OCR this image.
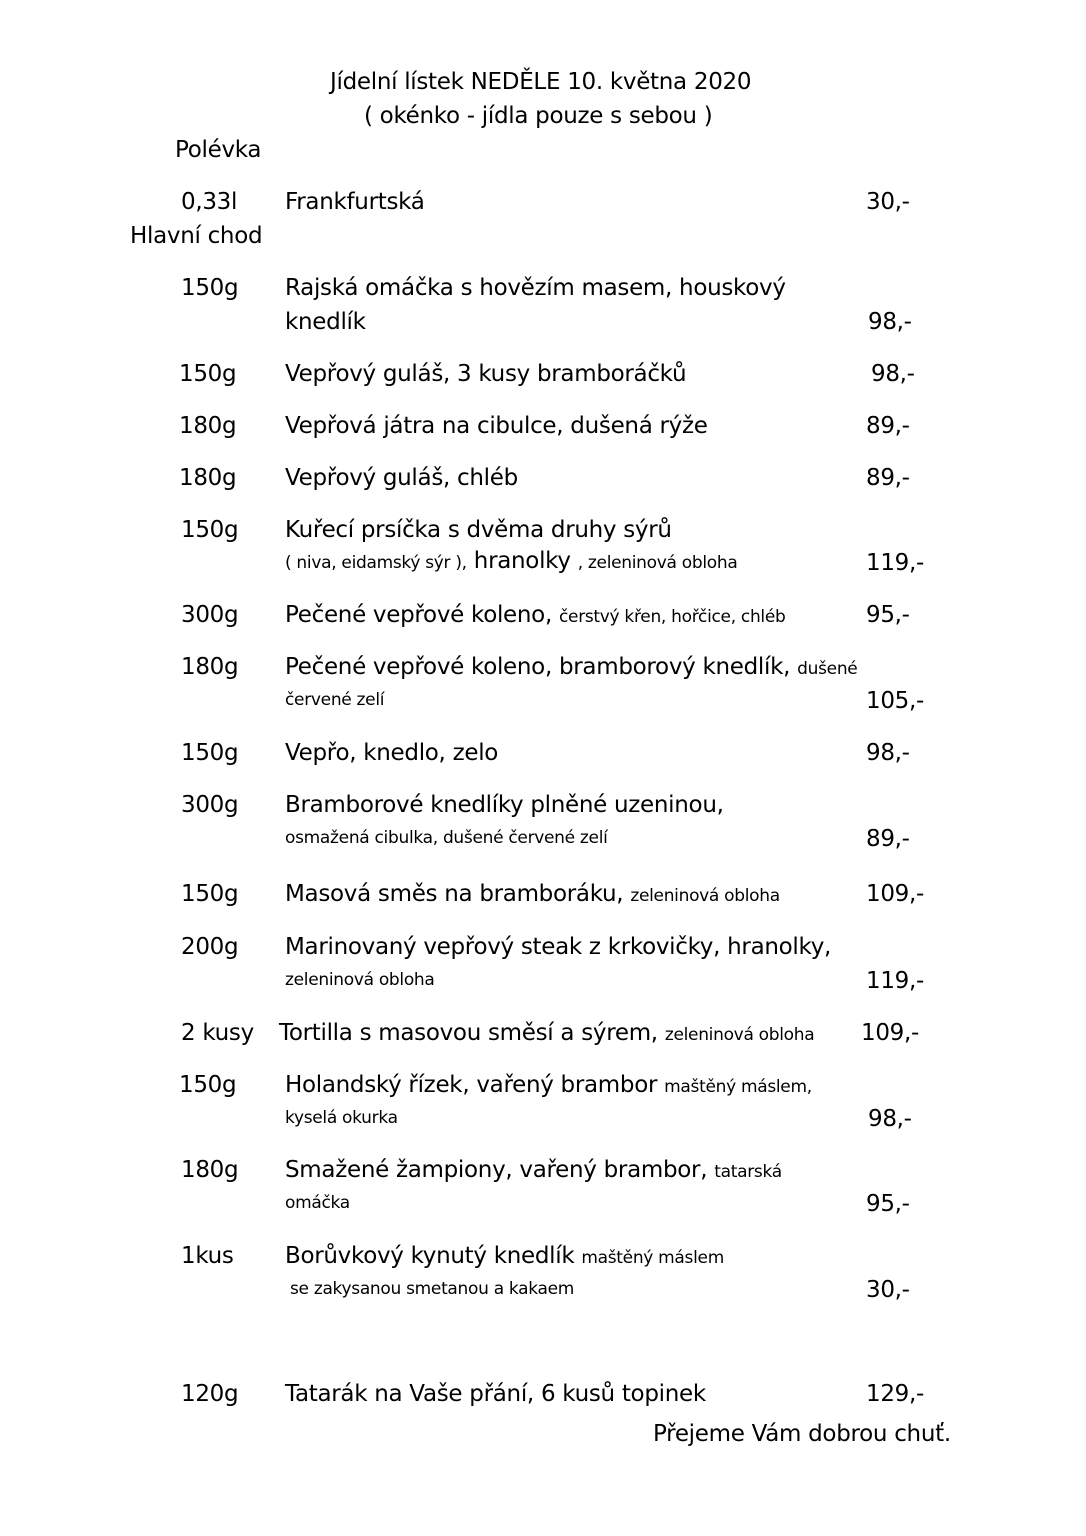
Jídelní lístek NEDĚLE 10. května 2020
( okénko - jídla pouze s sebou )
Polévka
0,33l Frankfurtská	30,-
Hlavní chod
150g Rajská omáčka s hovězím masem, houskový
knedlík	98,-
150g Vepřový guláš, 3 kusy bramboráčků	98,-
180g Vepřová játra na cibulce, dušená rýže	89,-
180g Vepřový guláš, chléb	89,-
150g Kuřecí prsíčka s dvěma druhy sýrů
( niva, eidamský sýr ), hranolky , zeleninová obloha	119,-
300g Pečené vepřové koleno, čerstvý křen, hořčice, chléb	95,-
180g Pečené vepřové koleno, bramborový knedlík, dušené
červené zelí	105,-
150g Vepřo, knedlo, zelo	98,-
300g Bramborové knedlíky plněné uzeninou,
osmažená cibulka, dušené červené zelí	89,-
150g Masová směs na bramboráku, zeleninová obloha	109,-
200g Marinovaný vepřový steak z krkovičky, hranolky,
zeleninová obloha	119,-
2 kusy Tortilla s masovou směsí a sýrem, zeleninová obloha 109,-
150g Holandský řízek, vařený brambor maštěný máslem,
kyselá okurka	98,-
180g Smažené žampiony, vařený brambor, tatarská
omáčka	95,-
1kus Borůvkový kynutý knedlík maštěný máslem
se zakysanou smetanou a kakaem	30,-
120g Tatarák na Vaše přání, 6 kusů topinek	129,-
Přejeme Vám dobrou chuť.
